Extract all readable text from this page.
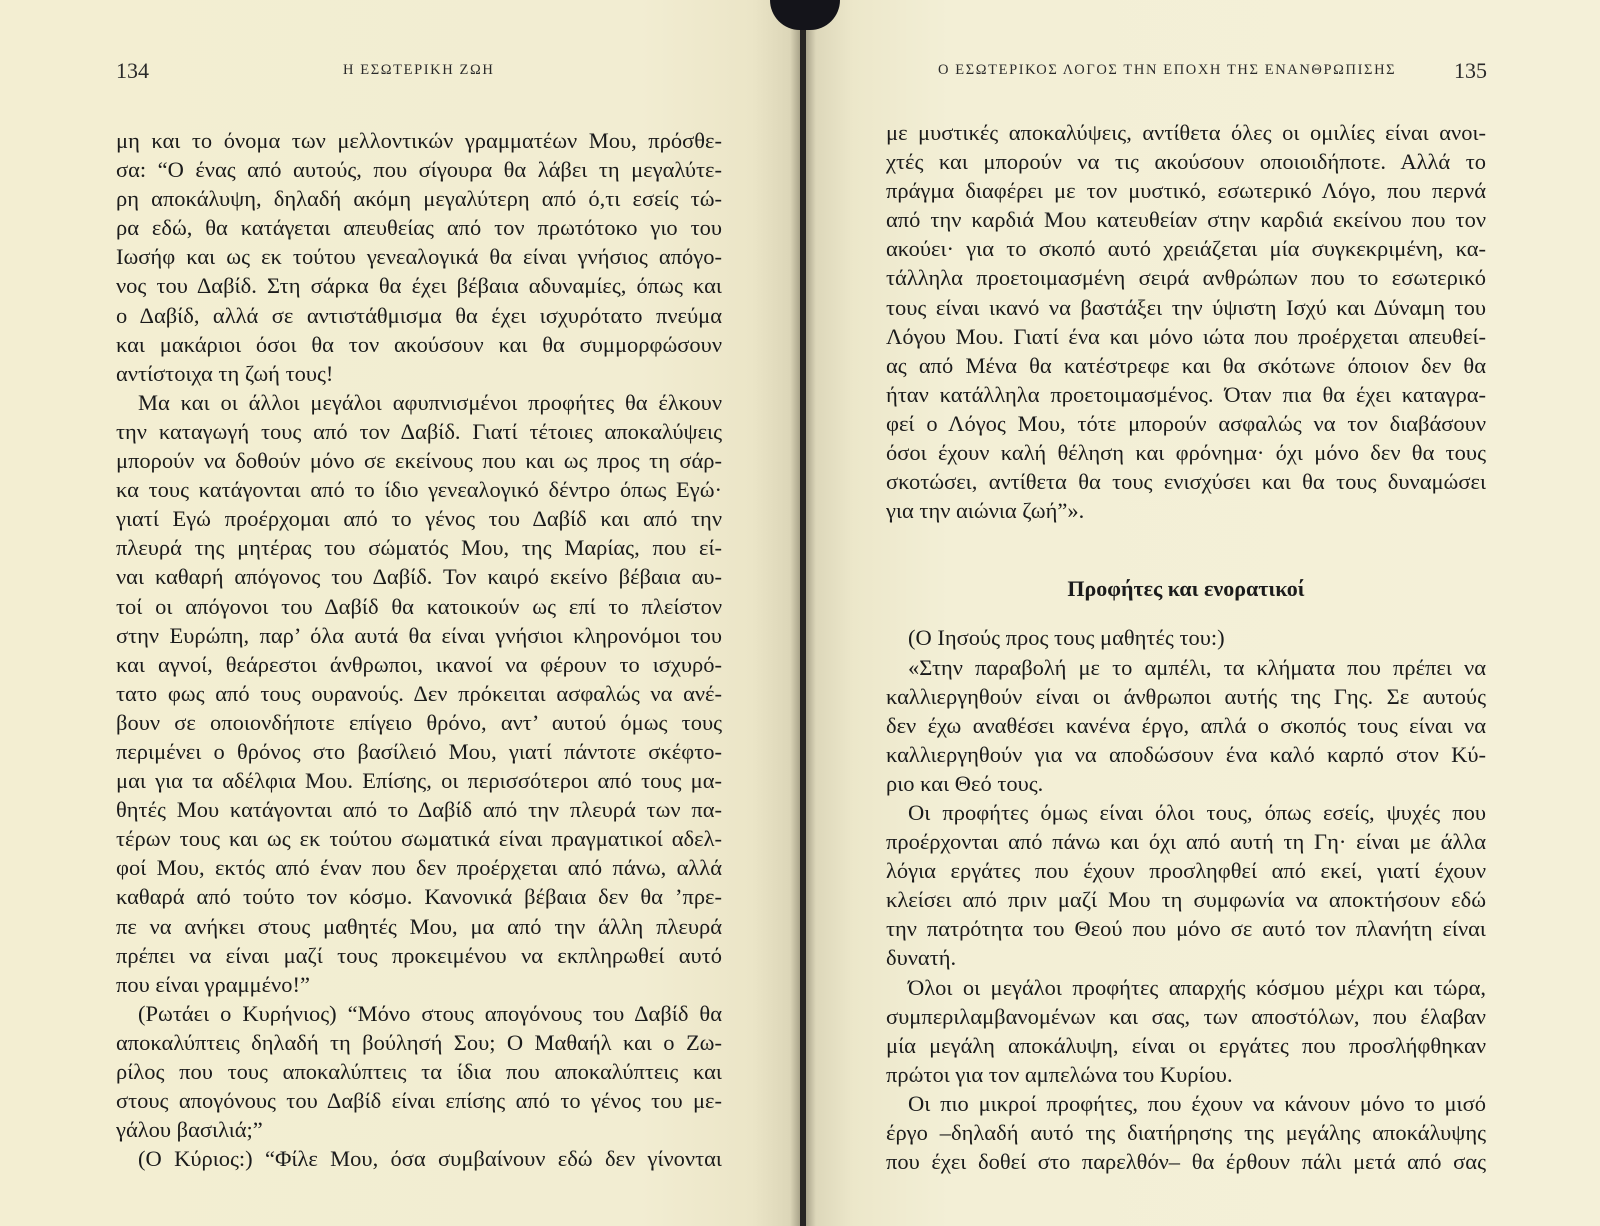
134	Η ΕΣΩΤΕΡΙΚΗ ΖΩΗ

μη και το όνομα των μελλοντικών γραμματέων Μου, πρόσθε-

σα: “Ο ένας από αυτούς, που σίγουρα θα λάβει τη μεγαλύτε-

ρη αποκάλυψη, δηλαδή ακόμη μεγαλύτερη από ό,τι εσείς τώ-

ρα εδώ, θα κατάγεται απευθείας από τον πρωτότοκο γιο του

Ιωσήφ και ως εκ τούτου γενεαλογικά θα είναι γνήσιος απόγο-

νος του Δαβίδ. Στη σάρκα θα έχει βέβαια αδυναμίες, όπως και

ο Δαβίδ, αλλά σε αντιστάθμισμα θα έχει ισχυρότατο πνεύμα

και μακάριοι όσοι θα τον ακούσουν και θα συμμορφώσουν

αντίστοιχα τη ζωή τους!

Μα και οι άλλοι μεγάλοι αφυπνισμένοι προφήτες θα έλκουν

την καταγωγή τους από τον Δαβίδ. Γιατί τέτοιες αποκαλύψεις

μπορούν να δοθούν μόνο σε εκείνους που και ως προς τη σάρ-

κα τους κατάγονται από το ίδιο γενεαλογικό δέντρο όπως Εγώ·

γιατί Εγώ προέρχομαι από το γένος του Δαβίδ και από την

πλευρά της μητέρας του σώματός Μου, της Μαρίας, που εί-

ναι καθαρή απόγονος του Δαβίδ. Τον καιρό εκείνο βέβαια αυ-

τοί οι απόγονοι του Δαβίδ θα κατοικούν ως επί το πλείστον

στην Ευρώπη, παρ’ όλα αυτά θα είναι γνήσιοι κληρονόμοι του

και αγνοί, θεάρεστοι άνθρωποι, ικανοί να φέρουν το ισχυρό-

τατο φως από τους ουρανούς. Δεν πρόκειται ασφαλώς να ανέ-

βουν σε οποιονδήποτε επίγειο θρόνο, αντ’ αυτού όμως τους

περιμένει ο θρόνος στο βασίλειό Μου, γιατί πάντοτε σκέφτο-

μαι για τα αδέλφια Μου. Επίσης, οι περισσότεροι από τους μα-

θητές Μου κατάγονται από το Δαβίδ από την πλευρά των πα-

τέρων τους και ως εκ τούτου σωματικά είναι πραγματικοί αδελ-

φοί Μου, εκτός από έναν που δεν προέρχεται από πάνω, αλλά

καθαρά από τούτο τον κόσμο. Κανονικά βέβαια δεν θα ’πρε-

πε να ανήκει στους μαθητές Μου, μα από την άλλη πλευρά

πρέπει να είναι μαζί τους προκειμένου να εκπληρωθεί αυτό

που είναι γραμμένο!”

(Ρωτάει ο Κυρήνιος) “Μόνο στους απογόνους του Δαβίδ θα

αποκαλύπτεις δηλαδή τη βούλησή Σου; Ο Μαθαήλ και ο Ζω-

ρίλος που τους αποκαλύπτεις τα ίδια που αποκαλύπτεις και

στους απογόνους του Δαβίδ είναι επίσης από το γένος του με-

γάλου βασιλιά;”

(Ο Κύριος:) “Φίλε Μου, όσα συμβαίνουν εδώ δεν γίνονται

Ο ΕΣΩΤΕΡΙΚΟΣ ΛΟΓΟΣ ΤΗΝ ΕΠΟΧΗ ΤΗΣ ΕΝΑΝΘΡΩΠΙΣΗΣ	135

με μυστικές αποκαλύψεις, αντίθετα όλες οι ομιλίες είναι ανοι-

χτές και μπορούν να τις ακούσουν οποιοιδήποτε. Αλλά το

πράγμα διαφέρει με τον μυστικό, εσωτερικό Λόγο, που περνά

από την καρδιά Μου κατευθείαν στην καρδιά εκείνου που τον

ακούει· για το σκοπό αυτό χρειάζεται μία συγκεκριμένη, κα-

τάλληλα προετοιμασμένη σειρά ανθρώπων που το εσωτερικό

τους είναι ικανό να βαστάξει την ύψιστη Ισχύ και Δύναμη του

Λόγου Μου. Γιατί ένα και μόνο ιώτα που προέρχεται απευθεί-

ας από Μένα θα κατέστρεφε και θα σκότωνε όποιον δεν θα

ήταν κατάλληλα προετοιμασμένος. Όταν πια θα έχει καταγρα-

φεί ο Λόγος Μου, τότε μπορούν ασφαλώς να τον διαβάσουν

όσοι έχουν καλή θέληση και φρόνημα· όχι μόνο δεν θα τους

σκοτώσει, αντίθετα θα τους ενισχύσει και θα τους δυναμώσει

για την αιώνια ζωή”».

Προφήτες και ενορατικοί

(Ο Ιησούς προς τους μαθητές του:)

«Στην παραβολή με το αμπέλι, τα κλήματα που πρέπει να

καλλιεργηθούν είναι οι άνθρωποι αυτής της Γης. Σε αυτούς

δεν έχω αναθέσει κανένα έργο, απλά ο σκοπός τους είναι να

καλλιεργηθούν για να αποδώσουν ένα καλό καρπό στον Κύ-

ριο και Θεό τους.

Οι προφήτες όμως είναι όλοι τους, όπως εσείς, ψυχές που

προέρχονται από πάνω και όχι από αυτή τη Γη· είναι με άλλα

λόγια εργάτες που έχουν προσληφθεί από εκεί, γιατί έχουν

κλείσει από πριν μαζί Μου τη συμφωνία να αποκτήσουν εδώ

την πατρότητα του Θεού που μόνο σε αυτό τον πλανήτη είναι

δυνατή.

Όλοι οι μεγάλοι προφήτες απαρχής κόσμου μέχρι και τώρα,

συμπεριλαμβανομένων και σας, των αποστόλων, που έλαβαν

μία μεγάλη αποκάλυψη, είναι οι εργάτες που προσλήφθηκαν

πρώτοι για τον αμπελώνα του Κυρίου.

Οι πιο μικροί προφήτες, που έχουν να κάνουν μόνο το μισό

έργο –δηλαδή αυτό της διατήρησης της μεγάλης αποκάλυψης

που έχει δοθεί στο παρελθόν– θα έρθουν πάλι μετά από σας
